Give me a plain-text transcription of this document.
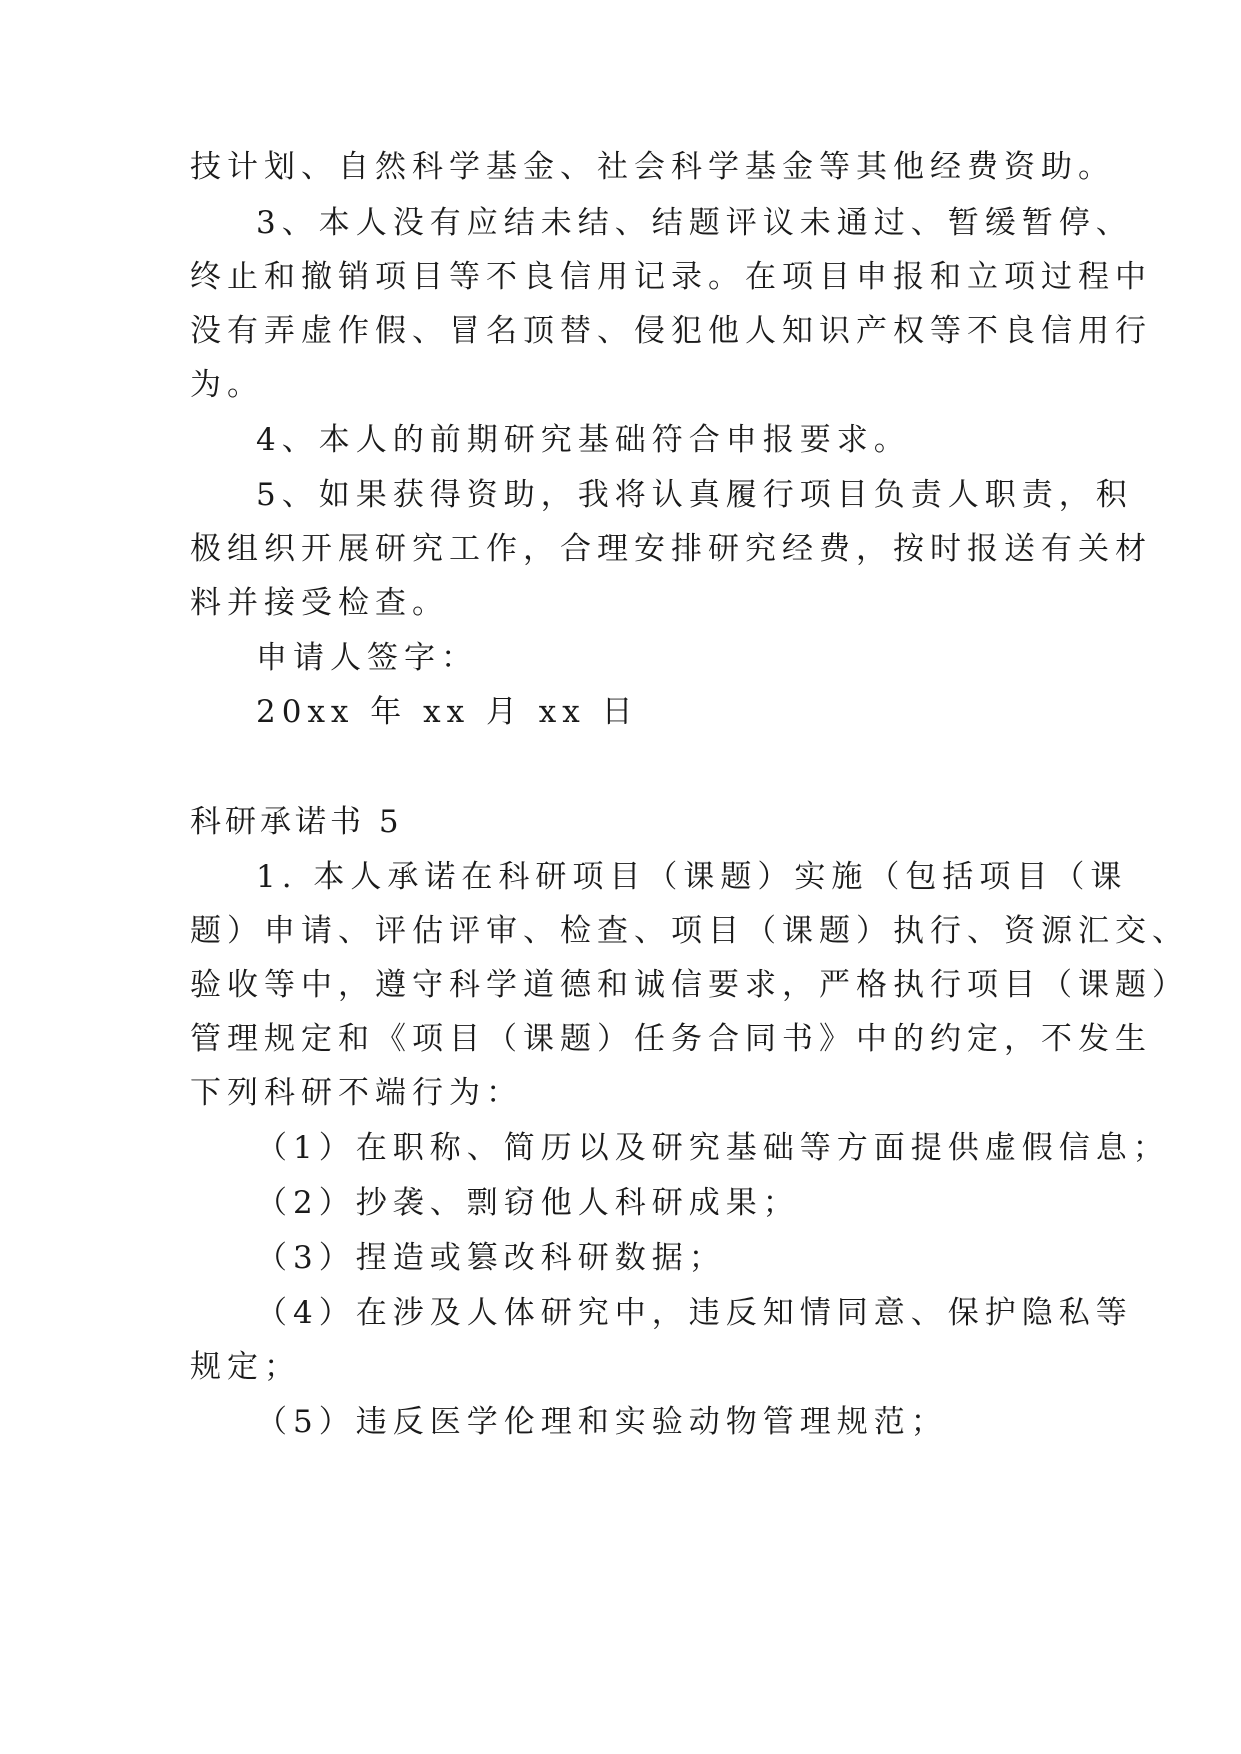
技计划、自然科学基金、社会科学基金等其他经费资助。

3、本人没有应结未结、结题评议未通过、暂缓暂停、

终止和撤销项目等不良信用记录。在项目申报和立项过程中

没有弄虚作假、冒名顶替、侵犯他人知识产权等不良信用行

为。

4、本人的前期研究基础符合申报要求。

5、如果获得资助，我将认真履行项目负责人职责，积

极组织开展研究工作，合理安排研究经费，按时报送有关材

料并接受检查。

申请人签字：

20xx 年 xx 月 xx 日

科研承诺书 5

1. 本人承诺在科研项目（课题）实施（包括项目（课

题）申请、评估评审、检查、项目（课题）执行、资源汇交、

验收等中，遵守科学道德和诚信要求，严格执行项目（课题）

管理规定和《项目（课题）任务合同书》中的约定，不发生

下列科研不端行为：

（1）在职称、简历以及研究基础等方面提供虚假信息；

（2）抄袭、剽窃他人科研成果；

（3）捏造或篡改科研数据；

（4）在涉及人体研究中，违反知情同意、保护隐私等

规定；

（5）违反医学伦理和实验动物管理规范；
